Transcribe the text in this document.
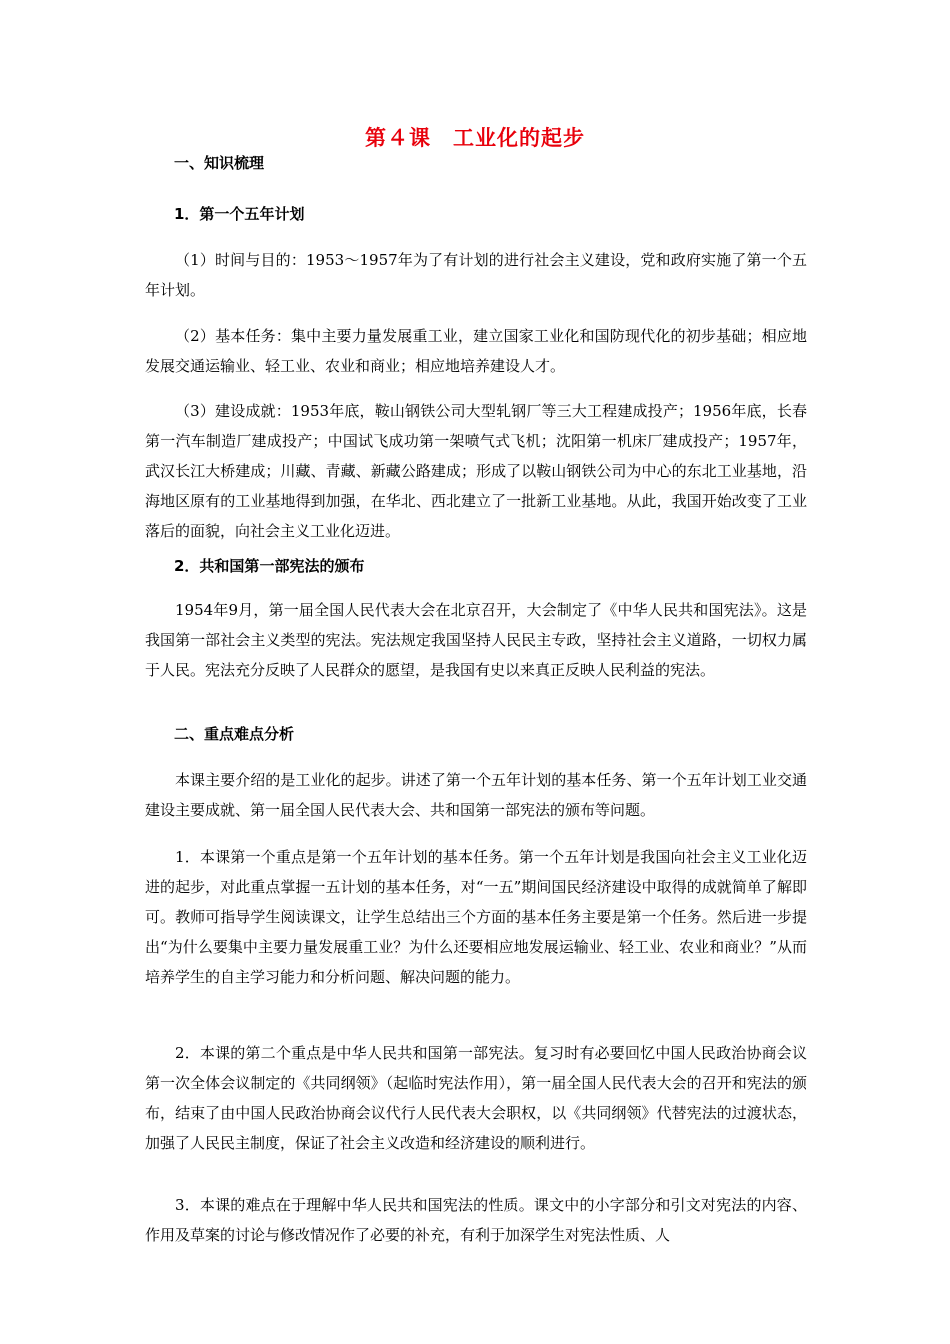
第４课　工业化的起步
一、知识梳理
1．第一个五年计划

（1）时间与目的：1953～1957年为了有计划的进行社会主义建设，党和政府实施了第一个五年计划。

（2）基本任务：集中主要力量发展重工业，建立国家工业化和国防现代化的初步基础；相应地发展交通运输业、轻工业、农业和商业；相应地培养建设人才。

（3）建设成就：1953年底，鞍山钢铁公司大型轧钢厂等三大工程建成投产；1956年底，长春第一汽车制造厂建成投产；中国试飞成功第一架喷气式飞机；沈阳第一机床厂建成投产；1957年，武汉长江大桥建成；川藏、青藏、新藏公路建成；形成了以鞍山钢铁公司为中心的东北工业基地，沿海地区原有的工业基地得到加强，在华北、西北建立了一批新工业基地。从此，我国开始改变了工业落后的面貌，向社会主义工业化迈进。

2．共和国第一部宪法的颁布

1954年9月，第一届全国人民代表大会在北京召开，大会制定了《中华人民共和国宪法》。这是我国第一部社会主义类型的宪法。宪法规定我国坚持人民民主专政，坚持社会主义道路，一切权力属于人民。宪法充分反映了人民群众的愿望，是我国有史以来真正反映人民利益的宪法。

二、重点难点分析

本课主要介绍的是工业化的起步。讲述了第一个五年计划的基本任务、第一个五年计划工业交通建设主要成就、第一届全国人民代表大会、共和国第一部宪法的颁布等问题。

1．本课第一个重点是第一个五年计划的基本任务。第一个五年计划是我国向社会主义工业化迈进的起步，对此重点掌握一五计划的基本任务，对“一五”期间国民经济建设中取得的成就简单了解即可。教师可指导学生阅读课文，让学生总结出三个方面的基本任务主要是第一个任务。然后进一步提出“为什么要集中主要力量发展重工业？为什么还要相应地发展运输业、轻工业、农业和商业？”从而培养学生的自主学习能力和分析问题、解决问题的能力。

2．本课的第二个重点是中华人民共和国第一部宪法。复习时有必要回忆中国人民政治协商会议第一次全体会议制定的《共同纲领》（起临时宪法作用），第一届全国人民代表大会的召开和宪法的颁布，结束了由中国人民政治协商会议代行人民代表大会职权，以《共同纲领》代替宪法的过渡状态，加强了人民民主制度，保证了社会主义改造和经济建设的顺利进行。

3．本课的难点在于理解中华人民共和国宪法的性质。课文中的小字部分和引文对宪法的内容、作用及草案的讨论与修改情况作了必要的补充，有利于加深学生对宪法性质、人
